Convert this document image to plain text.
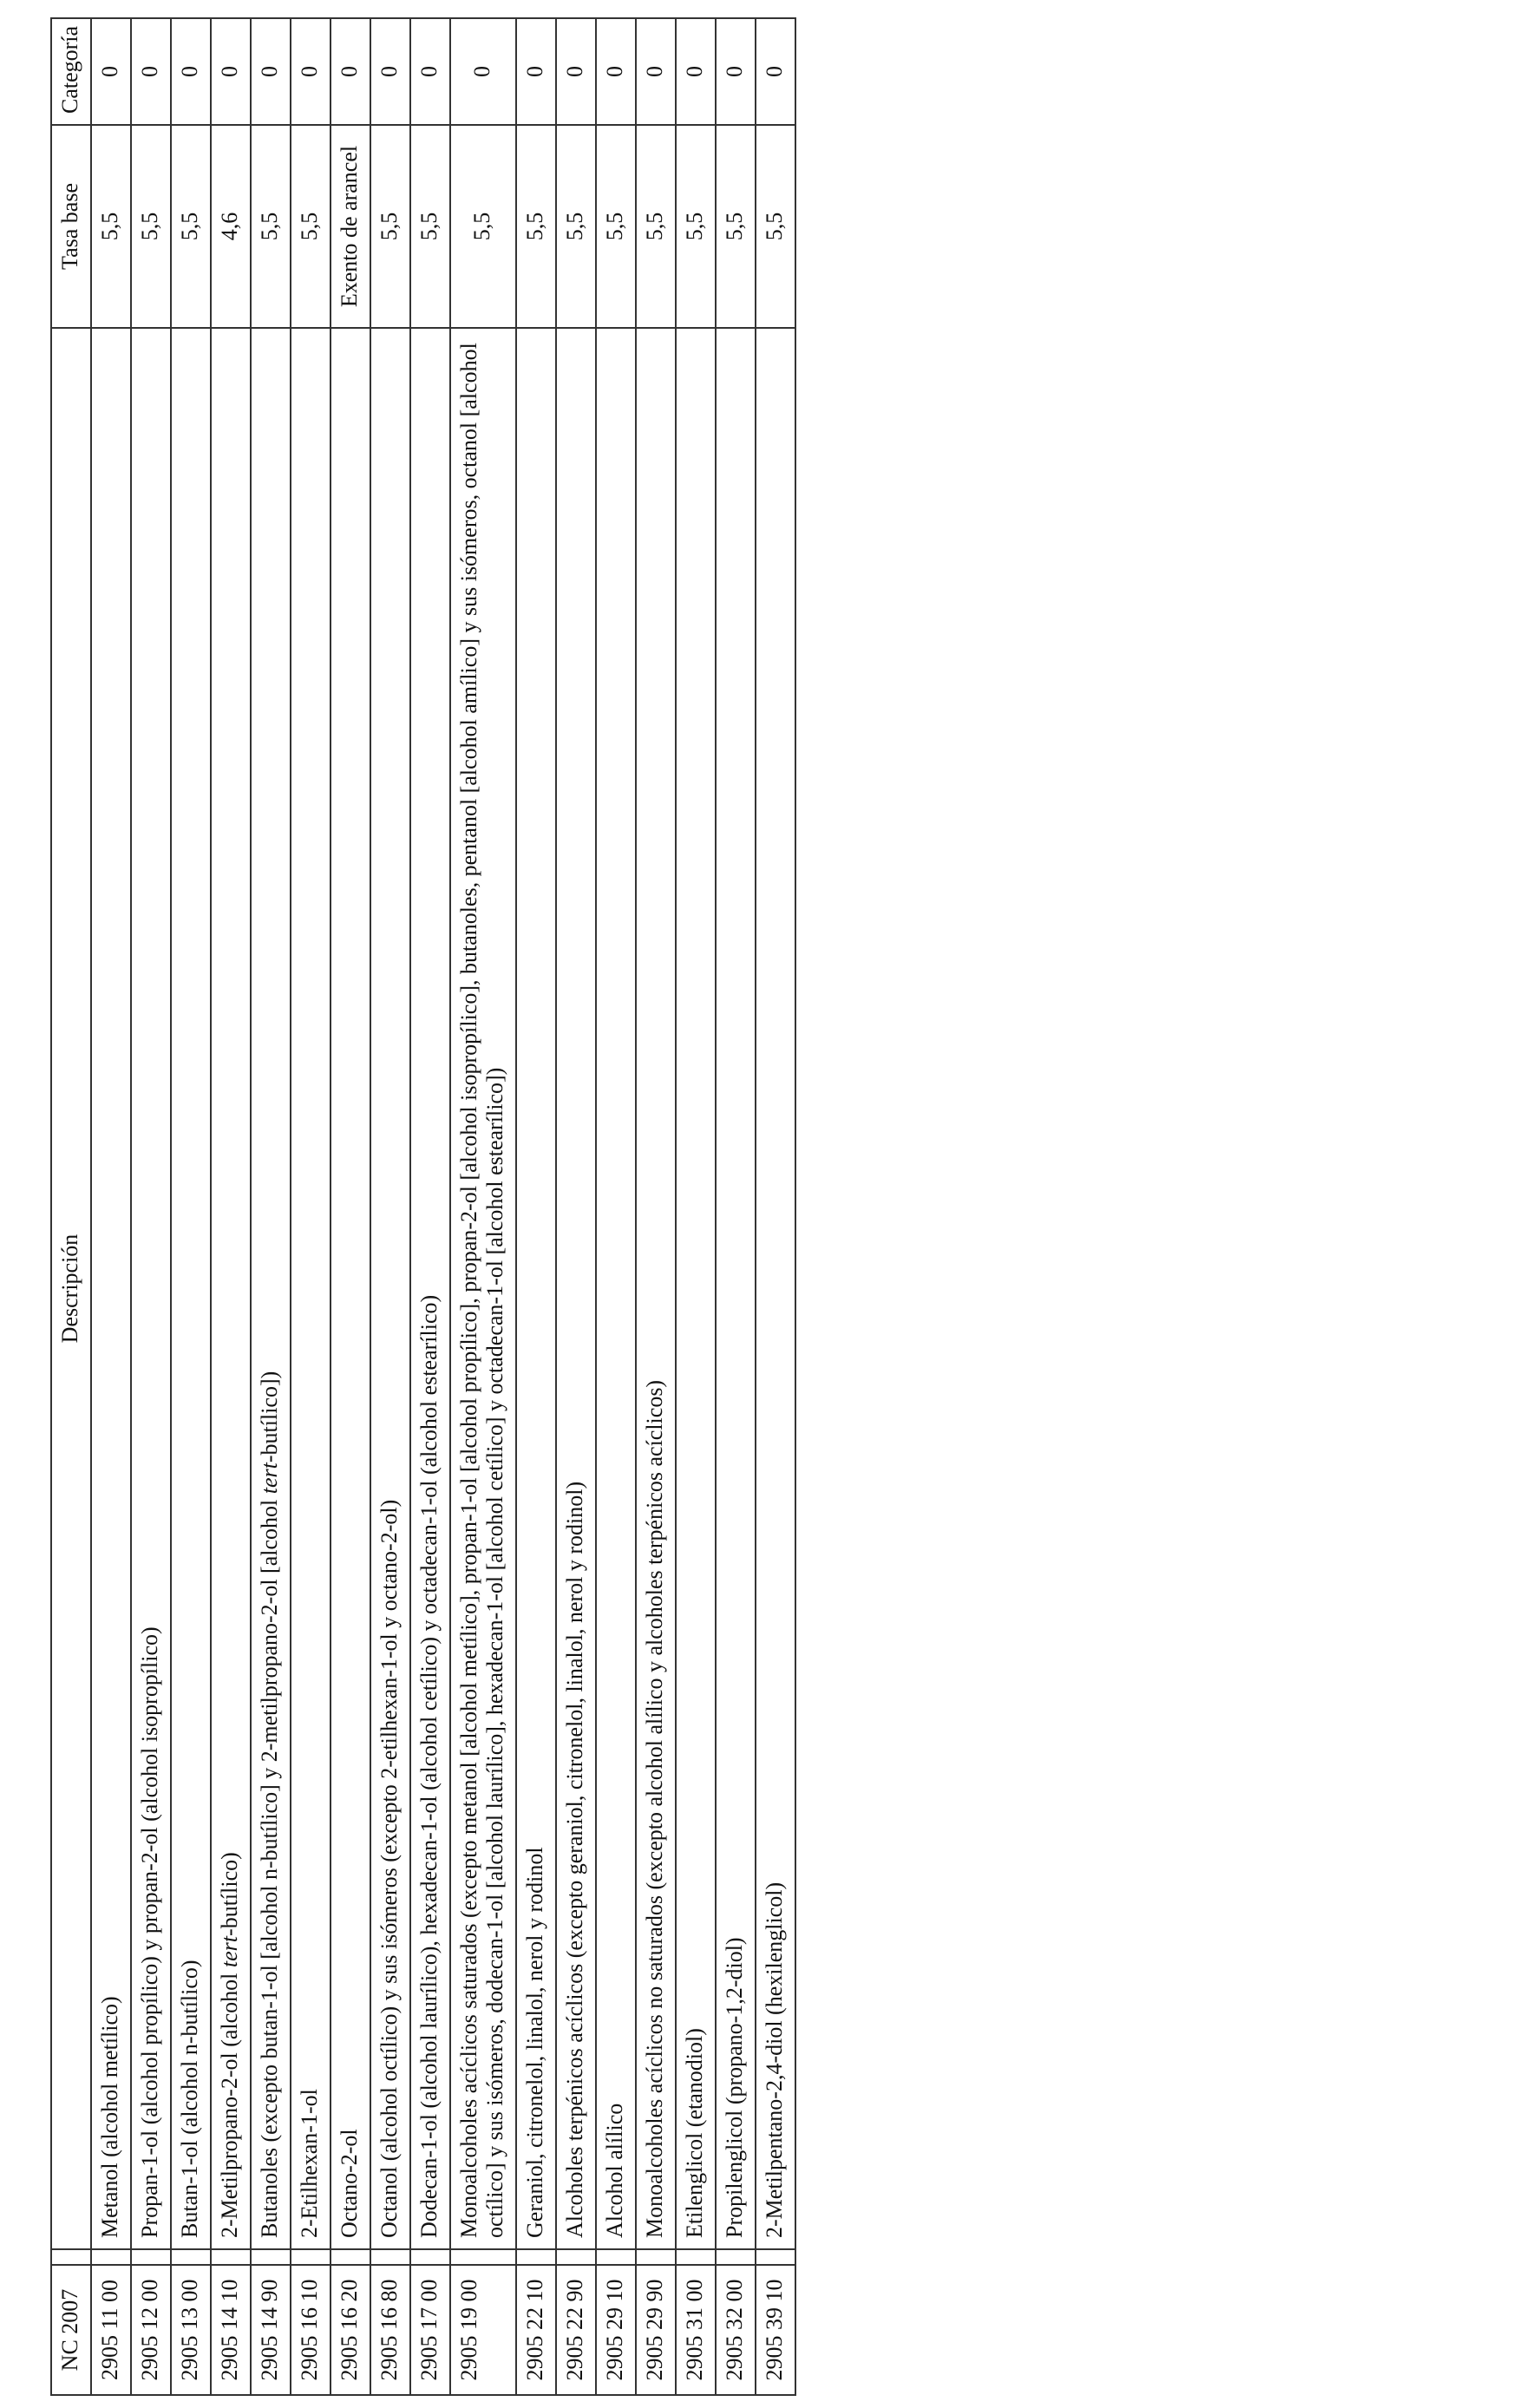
NC 2007		Descripción	Tasa base	Categoría
2905 11 00		Metanol (alcohol metílico)	5,5	0
2905 12 00		Propan-1-ol (alcohol propílico) y propan-2-ol (alcohol isopropílico)	5,5	0
2905 13 00		Butan-1-ol (alcohol n-butílico)	5,5	0
2905 14 10		2-Metilpropano-2-ol (alcohol tert-butílico)	4,6	0
2905 14 90		Butanoles (excepto butan-1-ol [alcohol n-butílico] y 2-metilpropano-2-ol [alcohol tert-butílico])	5,5	0
2905 16 10		2-Etilhexan-1-ol	5,5	0
2905 16 20		Octano-2-ol	Exento de arancel	0
2905 16 80		Octanol (alcohol octílico) y sus isómeros (excepto 2-etilhexan-1-ol y octano-2-ol)	5,5	0
2905 17 00		Dodecan-1-ol (alcohol laurílico), hexadecan-1-ol (alcohol cetílico) y octadecan-1-ol (alcohol estearílico)	5,5	0
2905 19 00		Monoalcoholes acíclicos saturados (excepto metanol [alcohol metílico], propan-1-ol [alcohol propílico], propan-2-ol [alcohol isopropílico], butanoles, pentanol [alcohol amílico] y sus isómeros, octanol [alcohol octílico] y sus isómeros, dodecan-1-ol [alcohol laurílico], hexadecan-1-ol [alcohol cetílico] y octadecan-1-ol [alcohol estearílico])	5,5	0
2905 22 10		Geraniol, citronelol, linalol, nerol y rodinol	5,5	0
2905 22 90		Alcoholes terpénicos acíclicos (excepto geraniol, citronelol, linalol, nerol y rodinol)	5,5	0
2905 29 10		Alcohol alílico	5,5	0
2905 29 90		Monoalcoholes acíclicos no saturados (excepto alcohol alílico y alcoholes terpénicos acíclicos)	5,5	0
2905 31 00		Etilenglicol (etanodiol)	5,5	0
2905 32 00		Propilenglicol (propano-1,2-diol)	5,5	0
2905 39 10		2-Metilpentano-2,4-diol (hexilenglicol)	5,5	0
